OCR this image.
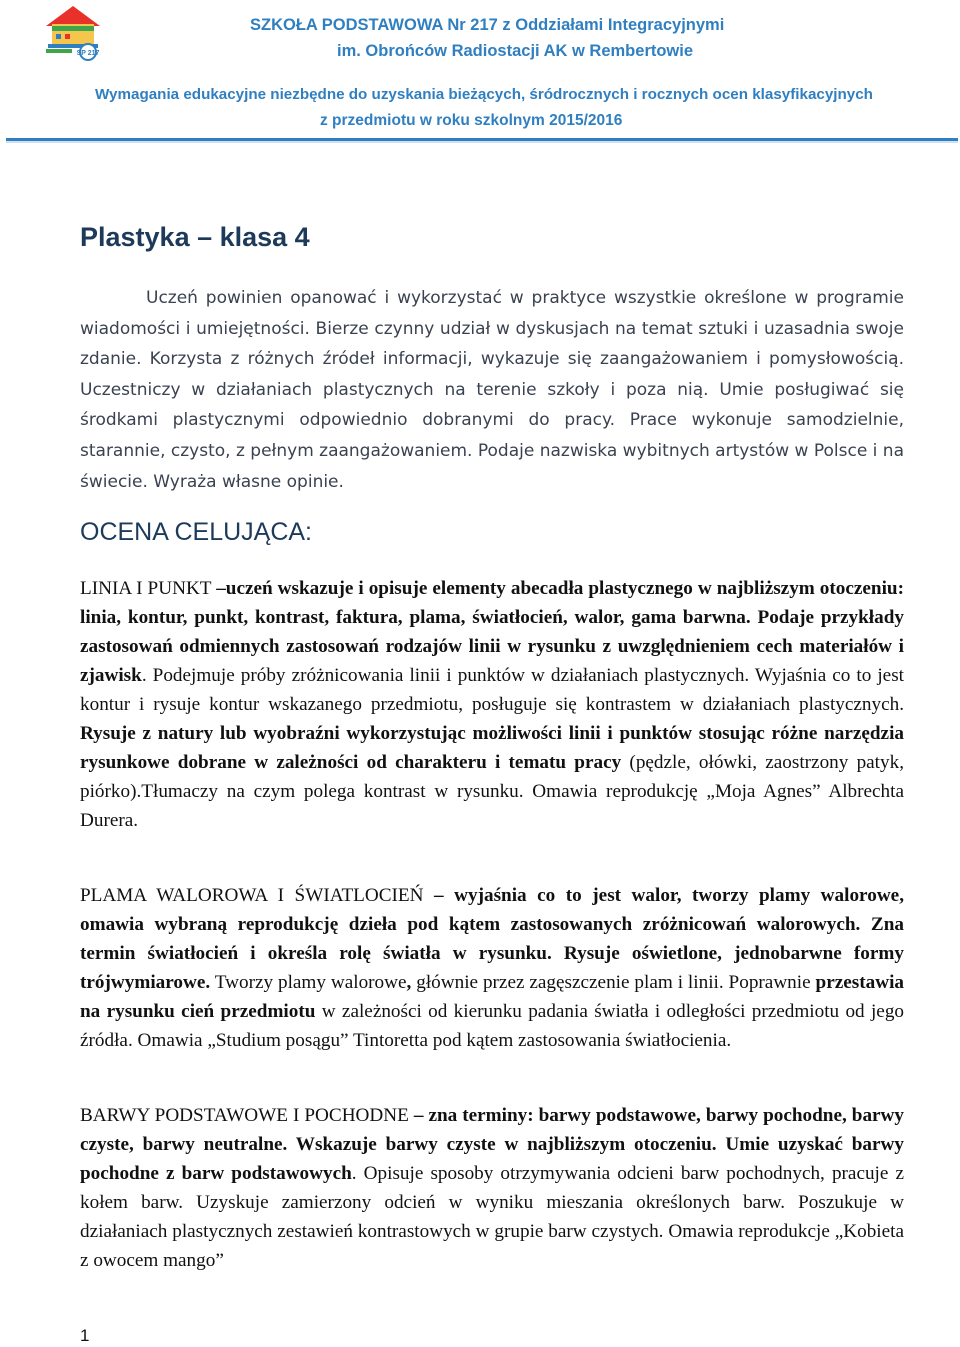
SP 217
SZKOŁA PODSTAWOWA Nr 217 z Oddziałami Integracyjnymi
im. Obrońców Radiostacji AK w Rembertowie
Wymagania edukacyjne niezbędne do uzyskania bieżących, śródrocznych i rocznych ocen klasyfikacyjnych
z przedmiotu w roku szkolnym 2015/2016
Plastyka – klasa 4

Uczeń powinien opanować i wykorzystać w praktyce wszystkie określone w programie wiadomości i umiejętności. Bierze czynny udział w dyskusjach na temat sztuki i uzasadnia swoje zdanie. Korzysta z różnych źródeł informacji, wykazuje się zaangażowaniem i pomysłowością. Uczestniczy w działaniach plastycznych na terenie szkoły i poza nią. Umie posługiwać się środkami plastycznymi odpowiednio dobranymi do pracy. Prace wykonuje samodzielnie, starannie, czysto, z pełnym zaangażowaniem. Podaje nazwiska wybitnych artystów w Polsce i na świecie. Wyraża własne opinie.

OCENA CELUJĄCA:

LINIA I PUNKT –uczeń wskazuje i opisuje elementy abecadła plastycznego w najbliższym otoczeniu: linia, kontur, punkt, kontrast, faktura, plama, światłocień, walor, gama barwna. Podaje przykłady zastosowań odmiennych zastosowań rodzajów linii w rysunku z uwzględnieniem cech materiałów i zjawisk. Podejmuje próby zróżnicowania linii i punktów w działaniach plastycznych. Wyjaśnia co to jest kontur i rysuje kontur wskazanego przedmiotu, posługuje się kontrastem w działaniach plastycznych. Rysuje z natury lub wyobraźni wykorzystując możliwości linii i punktów stosując różne narzędzia rysunkowe dobrane w zależności od charakteru i tematu pracy (pędzle, ołówki, zaostrzony patyk, piórko).Tłumaczy na czym polega kontrast w rysunku. Omawia reprodukcję „Moja Agnes” Albrechta Durera.

PLAMA WALOROWA I ŚWIATLOCIEŃ – wyjaśnia co to jest walor, tworzy plamy walorowe, omawia wybraną reprodukcję dzieła pod kątem zastosowanych zróżnicowań walorowych. Zna termin światłocień i określa rolę światła w rysunku. Rysuje oświetlone, jednobarwne formy trójwymiarowe. Tworzy plamy walorowe, głównie przez zagęszczenie plam i linii. Poprawnie przestawia na rysunku cień przedmiotu w zależności od kierunku padania światła i odległości przedmiotu od jego źródła. Omawia „Studium posągu” Tintoretta pod kątem zastosowania światłocienia.

BARWY PODSTAWOWE I POCHODNE – zna terminy: barwy podstawowe, barwy pochodne, barwy czyste, barwy neutralne. Wskazuje barwy czyste w najbliższym otoczeniu. Umie uzyskać barwy pochodne z barw podstawowych. Opisuje sposoby otrzymywania odcieni barw pochodnych, pracuje z kołem barw. Uzyskuje zamierzony odcień w wyniku mieszania określonych barw. Poszukuje w działaniach plastycznych zestawień kontrastowych w grupie barw czystych. Omawia reprodukcje „Kobieta z owocem mango”

1
